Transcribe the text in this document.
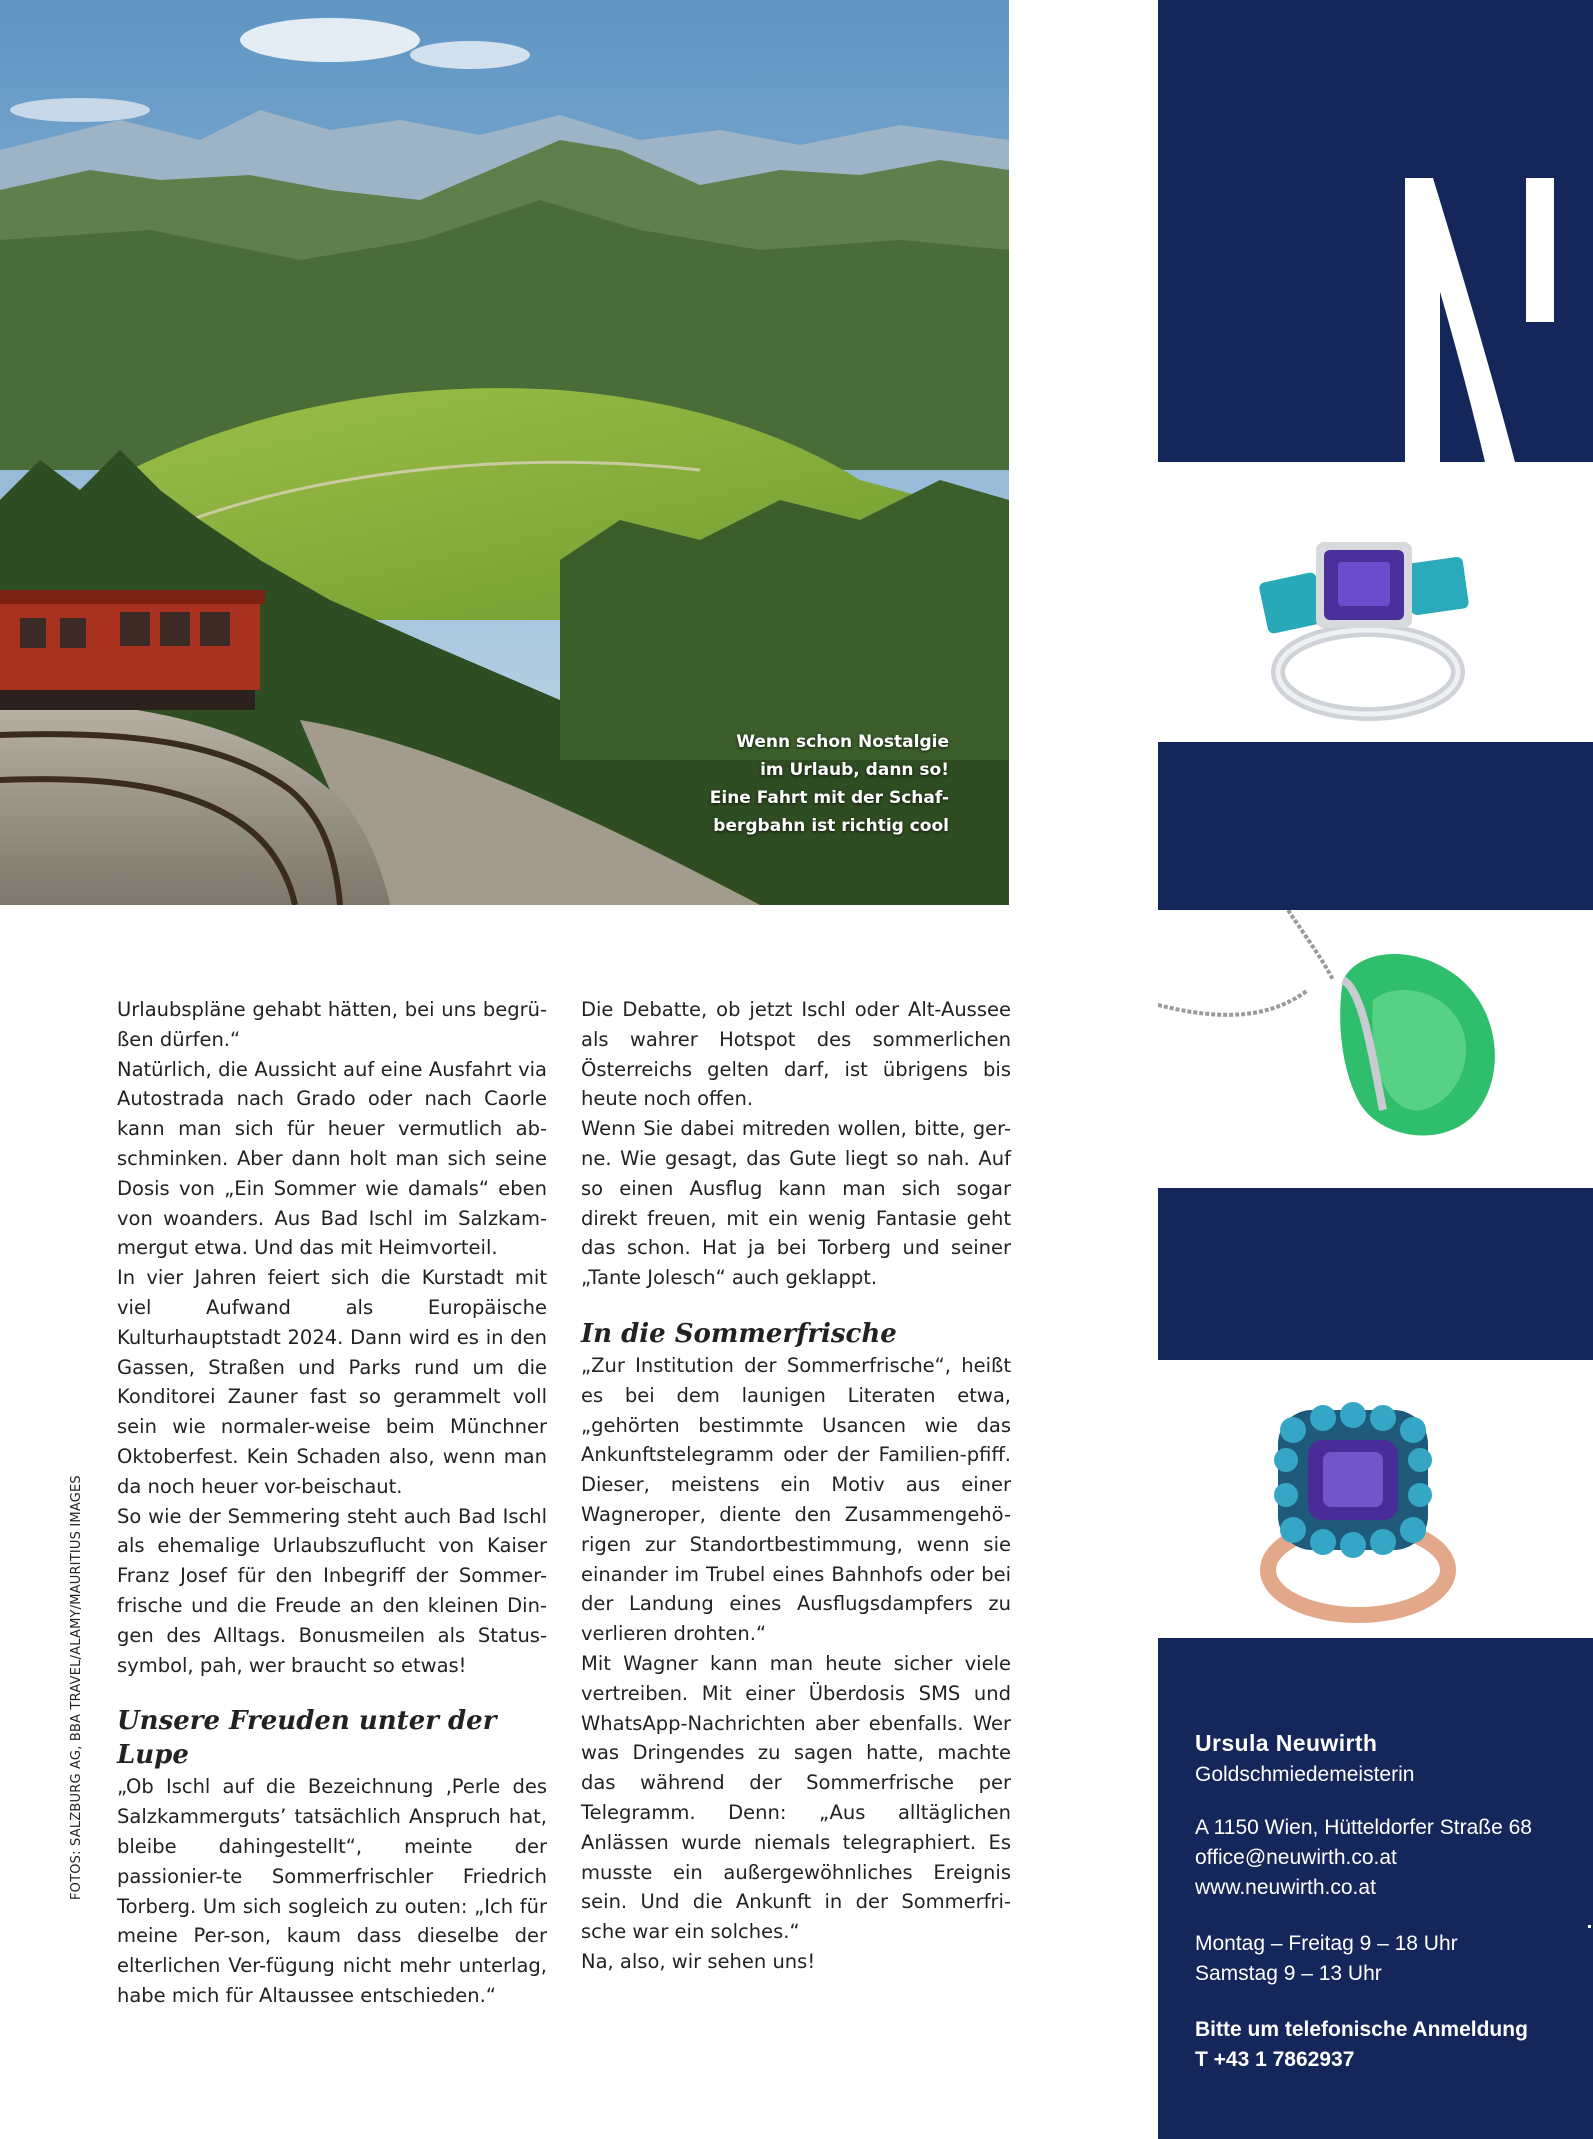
Wenn schon Nostalgie
im Urlaub, dann so!
Eine Fahrt mit der Schaf-
bergbahn ist richtig cool

Urlaubspläne gehabt hätten, bei uns begrü-ßen dürfen.“

Natürlich, die Aussicht auf eine Ausfahrt via Autostrada nach Grado oder nach Caorle kann man sich für heuer vermutlich ab-schminken. Aber dann holt man sich seine Dosis von „Ein Sommer wie damals“ eben von woanders. Aus Bad Ischl im Salzkam-mergut etwa. Und das mit Heimvorteil.

In vier Jahren feiert sich die Kurstadt mit viel Aufwand als Europäische Kulturhauptstadt 2024. Dann wird es in den Gassen, Straßen und Parks rund um die Konditorei Zauner fast so gerammelt voll sein wie normaler-weise beim Münchner Oktoberfest. Kein Schaden also, wenn man da noch heuer vor-beischaut.

So wie der Semmering steht auch Bad Ischl als ehemalige Urlaubszuflucht von Kaiser Franz Josef für den Inbegriff der Sommer-frische und die Freude an den kleinen Din-gen des Alltags. Bonusmeilen als Status-symbol, pah, wer braucht so etwas!

Unsere Freuden unter der Lupe

„Ob Ischl auf die Bezeichnung ‚Perle des Salzkammerguts’ tatsächlich Anspruch hat, bleibe dahingestellt“, meinte der passionier-te Sommerfrischler Friedrich Torberg. Um sich sogleich zu outen: „Ich für meine Per-son, kaum dass dieselbe der elterlichen Ver-fügung nicht mehr unterlag, habe mich für Altaussee entschieden.“

Die Debatte, ob jetzt Ischl oder Alt-Aussee als wahrer Hotspot des sommerlichen Österreichs gelten darf, ist übrigens bis heute noch offen.

Wenn Sie dabei mitreden wollen, bitte, ger-ne. Wie gesagt, das Gute liegt so nah. Auf so einen Ausflug kann man sich sogar direkt freuen, mit ein wenig Fantasie geht das schon. Hat ja bei Torberg und seiner „Tante Jolesch“ auch geklappt.

In die Sommerfrische

„Zur Institution der Sommerfrische“, heißt es bei dem launigen Literaten etwa, „gehörten bestimmte Usancen wie das Ankunftstelegramm oder der Familien-pfiff. Dieser, meistens ein Motiv aus einer Wagneroper, diente den Zusammengehö-rigen zur Standortbestimmung, wenn sie einander im Trubel eines Bahnhofs oder bei der Landung eines Ausflugsdampfers zu verlieren drohten.“

Mit Wagner kann man heute sicher viele vertreiben. Mit einer Überdosis SMS und WhatsApp-Nachrichten aber ebenfalls. Wer was Dringendes zu sagen hatte, machte das während der Sommerfrische per Telegramm. Denn: „Aus alltäglichen Anlässen wurde niemals telegraphiert. Es musste ein außergewöhnliches Ereignis sein. Und die Ankunft in der Sommerfri-sche war ein solches.“

Na, also, wir sehen uns!

FOTOS: SALZBURG AG, BBA TRAVEL/ALAMY/MAURITIUS IMAGES	Ursula Neuwirth
Goldschmiedemeisterin
A 1150 Wien, Hütteldorfer Straße 68
office@neuwirth.co.at
www.neuwirth.co.at
Montag – Freitag 9 – 18 Uhr
Samstag 9 – 13 Uhr
Bitte um telefonische Anmeldung
T +43 1 7862937
